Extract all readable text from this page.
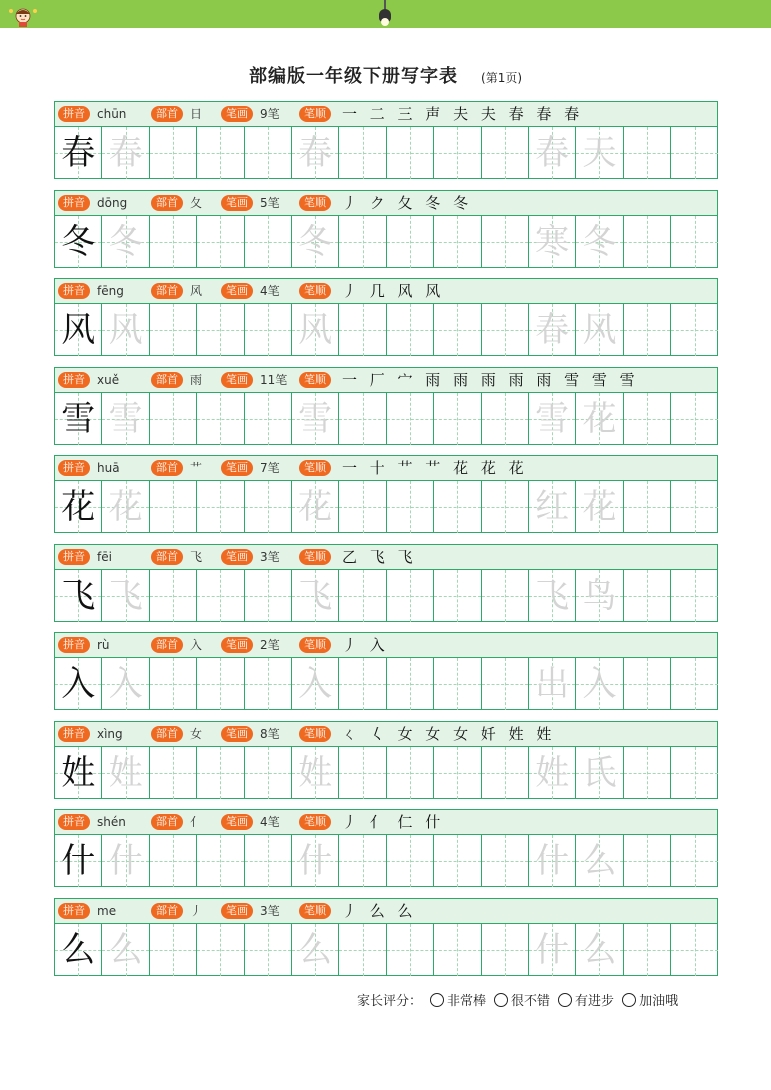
部编版一年级下册写字表 (第1页)
拼音	chūn	部首	日	笔画	9笔	笔顺	一 二 三 声 夫 夫 春 春 春
春 春	春	春 天
拼音	dōng	部首	夂	笔画	5笔	笔顺	丿 ク 夂 冬 冬
冬 冬	冬	寒 冬
拼音	fēng	部首	风	笔画	4笔	笔顺	丿 几 风 风
风 风	风	春 风
拼音	xuě	部首	雨	笔画	11笔	笔顺	一 厂 宀 雨 雨 雨 雨 雨 雪 雪 雪
雪 雪	雪	雪 花
拼音	huā	部首	艹	笔画	7笔	笔顺	一 十 艹 艹 花 花 花
花 花	花	红 花
拼音	fēi	部首	飞	笔画	3笔	笔顺	乙 飞 飞
飞 飞	飞	飞 鸟
拼音	rù	部首	入	笔画	2笔	笔顺	丿 入
入 入	入	出 入
拼音	xìng	部首	女	笔画	8笔	笔顺	ㄑ 𡿨 女 女 女 奷 姓 姓
姓 姓	姓	姓 氏
拼音	shén	部首	亻	笔画	4笔	笔顺	丿 亻 仁 什
什 什	什	什 么
拼音	me	部首	丿	笔画	3笔	笔顺	丿 么 么
么 么	么	什 么
家长评分： 非常棒 很不错 有进步 加油哦
